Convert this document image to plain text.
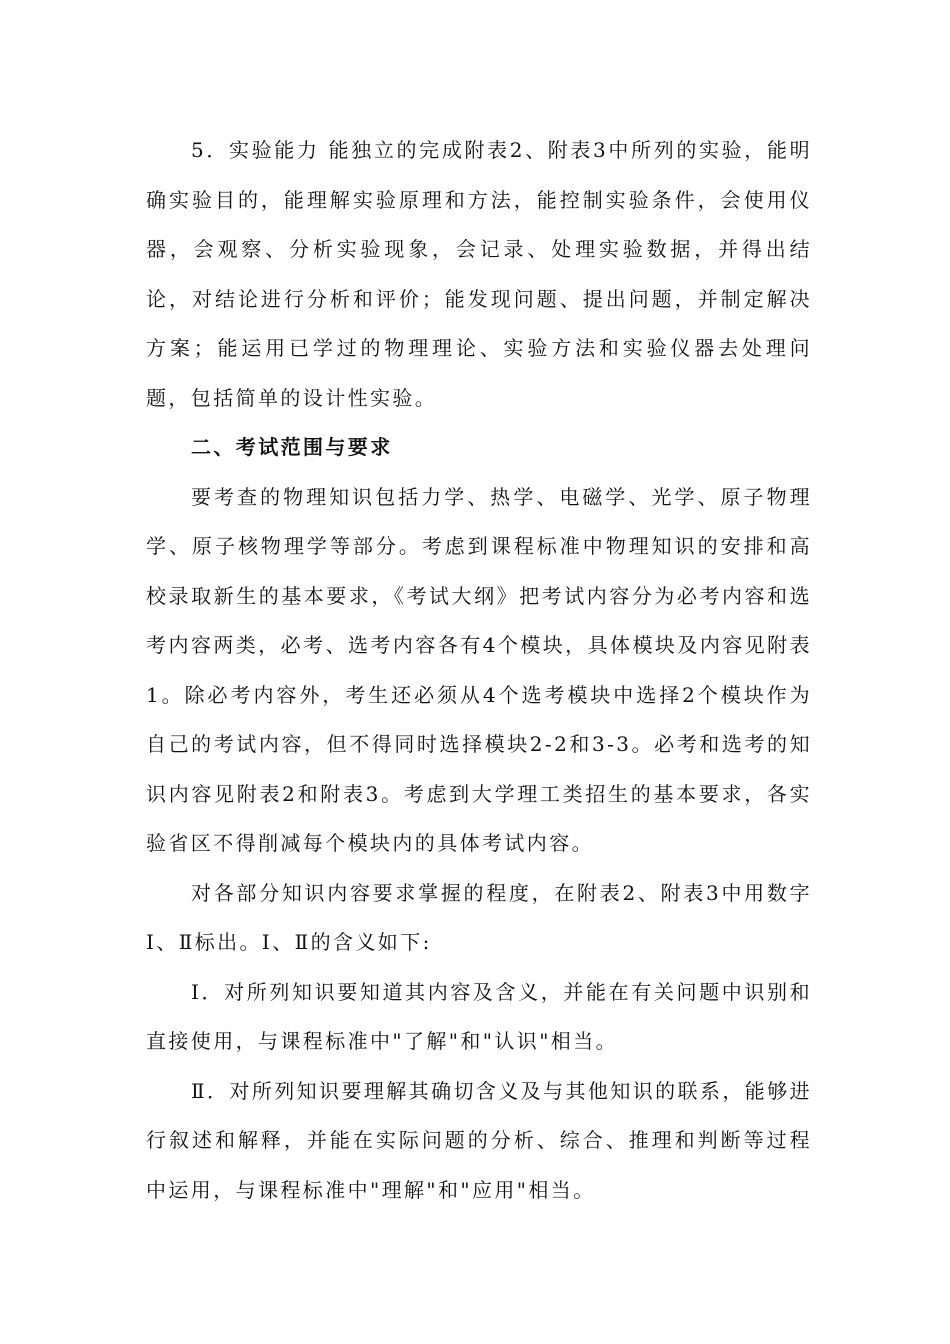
5．实验能力 能独立的完成附表2、附表3中所列的实验，能明确实验目的，能理解实验原理和方法，能控制实验条件，会使用仪器，会观察、分析实验现象，会记录、处理实验数据，并得出结论，对结论进行分析和评价；能发现问题、提出问题，并制定解决方案；能运用已学过的物理理论、实验方法和实验仪器去处理问题，包括简单的设计性实验。

二、考试范围与要求

要考查的物理知识包括力学、热学、电磁学、光学、原子物理学、原子核物理学等部分。考虑到课程标准中物理知识的安排和高校录取新生的基本要求，《考试大纲》把考试内容分为必考内容和选考内容两类，必考、选考内容各有4个模块，具体模块及内容见附表1。除必考内容外，考生还必须从4个选考模块中选择2个模块作为自己的考试内容，但不得同时选择模块2-2和3-3。必考和选考的知识内容见附表2和附表3。考虑到大学理工类招生的基本要求，各实验省区不得削减每个模块内的具体考试内容。

对各部分知识内容要求掌握的程度，在附表2、附表3中用数字Ⅰ、Ⅱ标出。Ⅰ、Ⅱ的含义如下:

Ⅰ．对所列知识要知道其内容及含义，并能在有关问题中识别和直接使用，与课程标准中"了解"和"认识"相当。

Ⅱ．对所列知识要理解其确切含义及与其他知识的联系，能够进行叙述和解释，并能在实际问题的分析、综合、推理和判断等过程中运用，与课程标准中"理解"和"应用"相当。
